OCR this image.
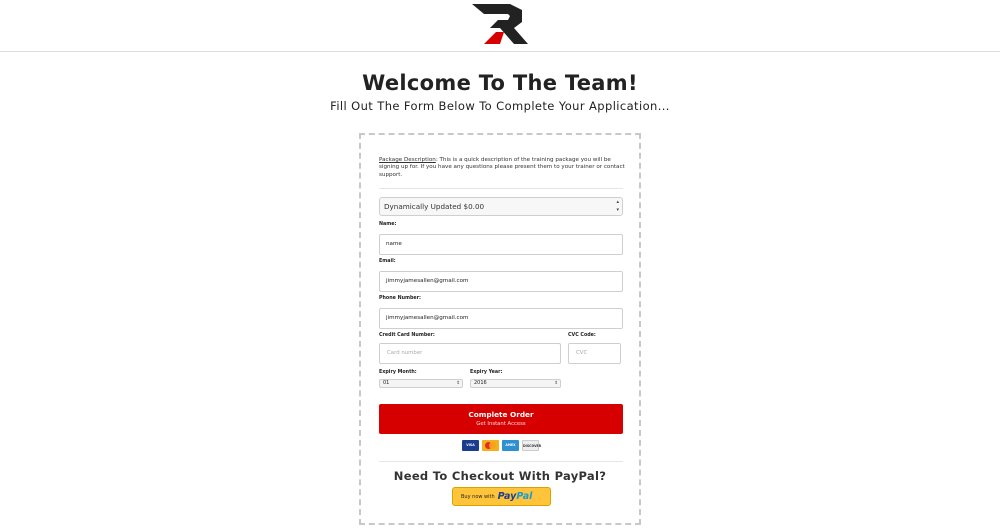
Welcome To The Team!
Fill Out The Form Below To Complete Your Application...
Package Description: This is a quick description of the training package you will be signing up for. If you have any questions please present them to your trainer or contact support.
Dynamically Updated $0.00	▴
▾
Name:
name
Email:
jimmyjamesallen@gmail.com
Phone Number:
jimmyjamesallen@gmail.com
Credit Card Number:
Card number
CVC Code:
CVC
Expiry Month:
01	⇕
Expiry Year:
2016	⇕
Complete Order
Get Instant Access
VISA	AMEX	DISCOVER
Need To Checkout With PayPal?
Buy now with PayPal
